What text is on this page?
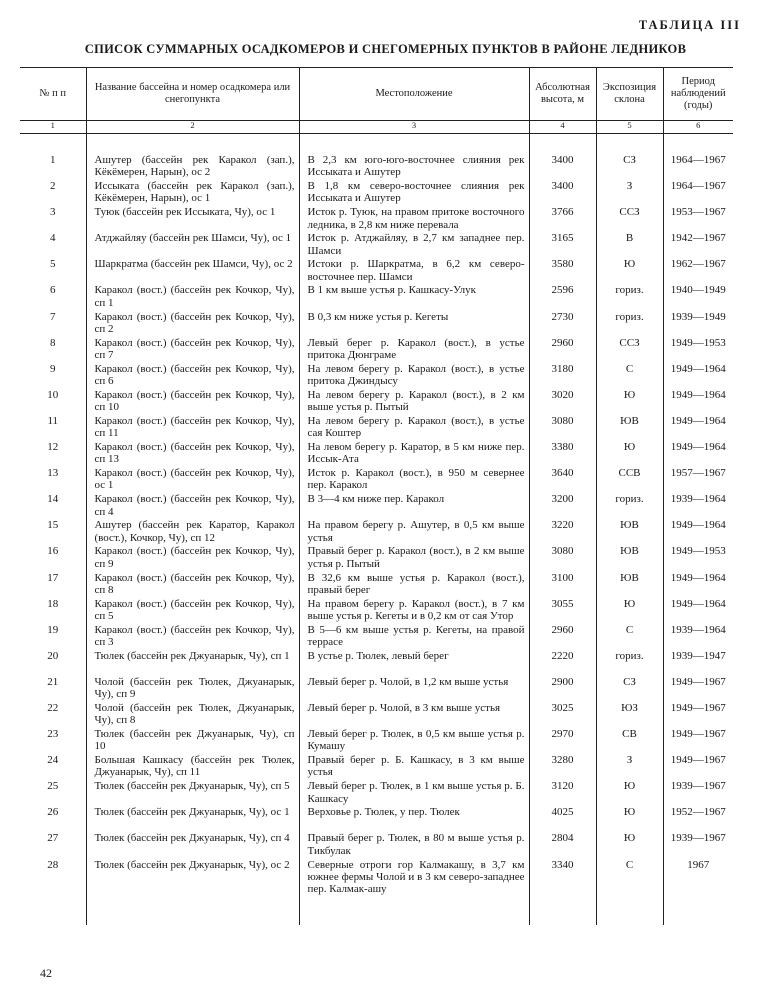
ТАБЛИЦА III
СПИСОК СУММАРНЫХ ОСАДКОМЕРОВ И СНЕГОМЕРНЫХ ПУНКТОВ В РАЙОНЕ ЛЕДНИКОВ
№ п п	Название бассейна и номер осадкомера или снегопункта	Местоположение	Абсолютная высота, м	Экспозиция склона	Период наблюдений (годы)
1	2	3	4	5	6

1	Ашутер (бассейн рек Каракол (зап.), Кёкёмерен, Нарын), ос 2	В 2,3 км юго-юго-восточнее слияния рек Иссыката и Ашутер	3400	СЗ	1964—1967
2	Иссыката (бассейн рек Каракол (зап.), Кёкёмерен, Нарын), ос 1	В 1,8 км северо-восточнее слияния рек Иссыката и Ашутер	3400	З	1964—1967
3	Туюк (бассейн рек Иссыката, Чу), ос 1	Исток р. Туюк, на правом притоке восточного ледника, в 2,8 км ниже перевала	3766	ССЗ	1953—1967
4	Атджайляу (бассейн рек Шамси, Чу), ос 1	Исток р. Атджайляу, в 2,7 км западнее пер. Шамси	3165	В	1942—1967
5	Шаркратма (бассейн рек Шамси, Чу), ос 2	Истоки р. Шаркратма, в 6,2 км северо-восточнее пер. Шамси	3580	Ю	1962—1967
6	Каракол (вост.) (бассейн рек Кочкор, Чу), сп 1	В 1 км выше устья р. Кашкасу-Улук	2596	гориз.	1940—1949
7	Каракол (вост.) (бассейн рек Кочкор, Чу), сп 2	В 0,3 км ниже устья р. Кегеты	2730	гориз.	1939—1949
8	Каракол (вост.) (бассейн рек Кочкор, Чу), сп 7	Левый берег р. Каракол (вост.), в устье притока Дюнграме	2960	ССЗ	1949—1953
9	Каракол (вост.) (бассейн рек Кочкор, Чу), сп 6	На левом берегу р. Каракол (вост.), в устье притока Джиндысу	3180	С	1949—1964
10	Каракол (вост.) (бассейн рек Кочкор, Чу), сп 10	На левом берегу р. Каракол (вост.), в 2 км выше устья р. Пытый	3020	Ю	1949—1964
11	Каракол (вост.) (бассейн рек Кочкор, Чу), сп 11	На левом берегу р. Каракол (вост.), в устье сая Коштер	3080	ЮВ	1949—1964
12	Каракол (вост.) (бассейн рек Кочкор, Чу), сп 13	На левом берегу р. Каратор, в 5 км ниже пер. Иссык-Ата	3380	Ю	1949—1964
13	Каракол (вост.) (бассейн рек Кочкор, Чу), ос 1	Исток р. Каракол (вост.), в 950 м севернее пер. Каракол	3640	ССВ	1957—1967
14	Каракол (вост.) (бассейн рек Кочкор, Чу), сп 4	В 3—4 км ниже пер. Каракол	3200	гориз.	1939—1964
15	Ашутер (бассейн рек Каратор, Каракол (вост.), Кочкор, Чу), сп 12	На правом берегу р. Ашутер, в 0,5 км выше устья	3220	ЮВ	1949—1964
16	Каракол (вост.) (бассейн рек Кочкор, Чу), сп 9	Правый берег р. Каракол (вост.), в 2 км выше устья р. Пытый	3080	ЮВ	1949—1953
17	Каракол (вост.) (бассейн рек Кочкор, Чу), сп 8	В 32,6 км выше устья р. Каракол (вост.), правый берег	3100	ЮВ	1949—1964
18	Каракол (вост.) (бассейн рек Кочкор, Чу), сп 5	На правом берегу р. Каракол (вост.), в 7 км выше устья р. Кегеты и в 0,2 км от сая Утор	3055	Ю	1949—1964
19	Каракол (вост.) (бассейн рек Кочкор, Чу), сп 3	В 5—6 км выше устья р. Кегеты, на правой террасе	2960	С	1939—1964
20	Тюлек (бассейн рек Джуанарык, Чу), сп 1	В устье р. Тюлек, левый берег	2220	гориз.	1939—1947
21	Чолой (бассейн рек Тюлек, Джуанарык, Чу), сп 9	Левый берег р. Чолой, в 1,2 км выше устья	2900	СЗ	1949—1967
22	Чолой (бассейн рек Тюлек, Джуанарык, Чу), сп 8	Левый берег р. Чолой, в 3 км выше устья	3025	ЮЗ	1949—1967
23	Тюлек (бассейн рек Джуанарык, Чу), сп 10	Левый берег р. Тюлек, в 0,5 км выше устья р. Кумашу	2970	СВ	1949—1967
24	Большая Кашкасу (бассейн рек Тюлек, Джуанарык, Чу), сп 11	Правый берег р. Б. Кашкасу, в 3 км выше устья	3280	З	1949—1967
25	Тюлек (бассейн рек Джуанарык, Чу), сп 5	Левый берег р. Тюлек, в 1 км выше устья р. Б. Кашкасу	3120	Ю	1939—1967
26	Тюлек (бассейн рек Джуанарык, Чу), ос 1	Верховье р. Тюлек, у пер. Тюлек	4025	Ю	1952—1967
27	Тюлек (бассейн рек Джуанарык, Чу), сп 4	Правый берег р. Тюлек, в 80 м выше устья р. Тикбулак	2804	Ю	1939—1967
28	Тюлек (бассейн рек Джуанарык, Чу), ос 2	Северные отроги гор Калмакашу, в 3,7 км южнее фермы Чолой и в 3 км северо-западнее пер. Калмак-ашу	3340	С	1967

42
